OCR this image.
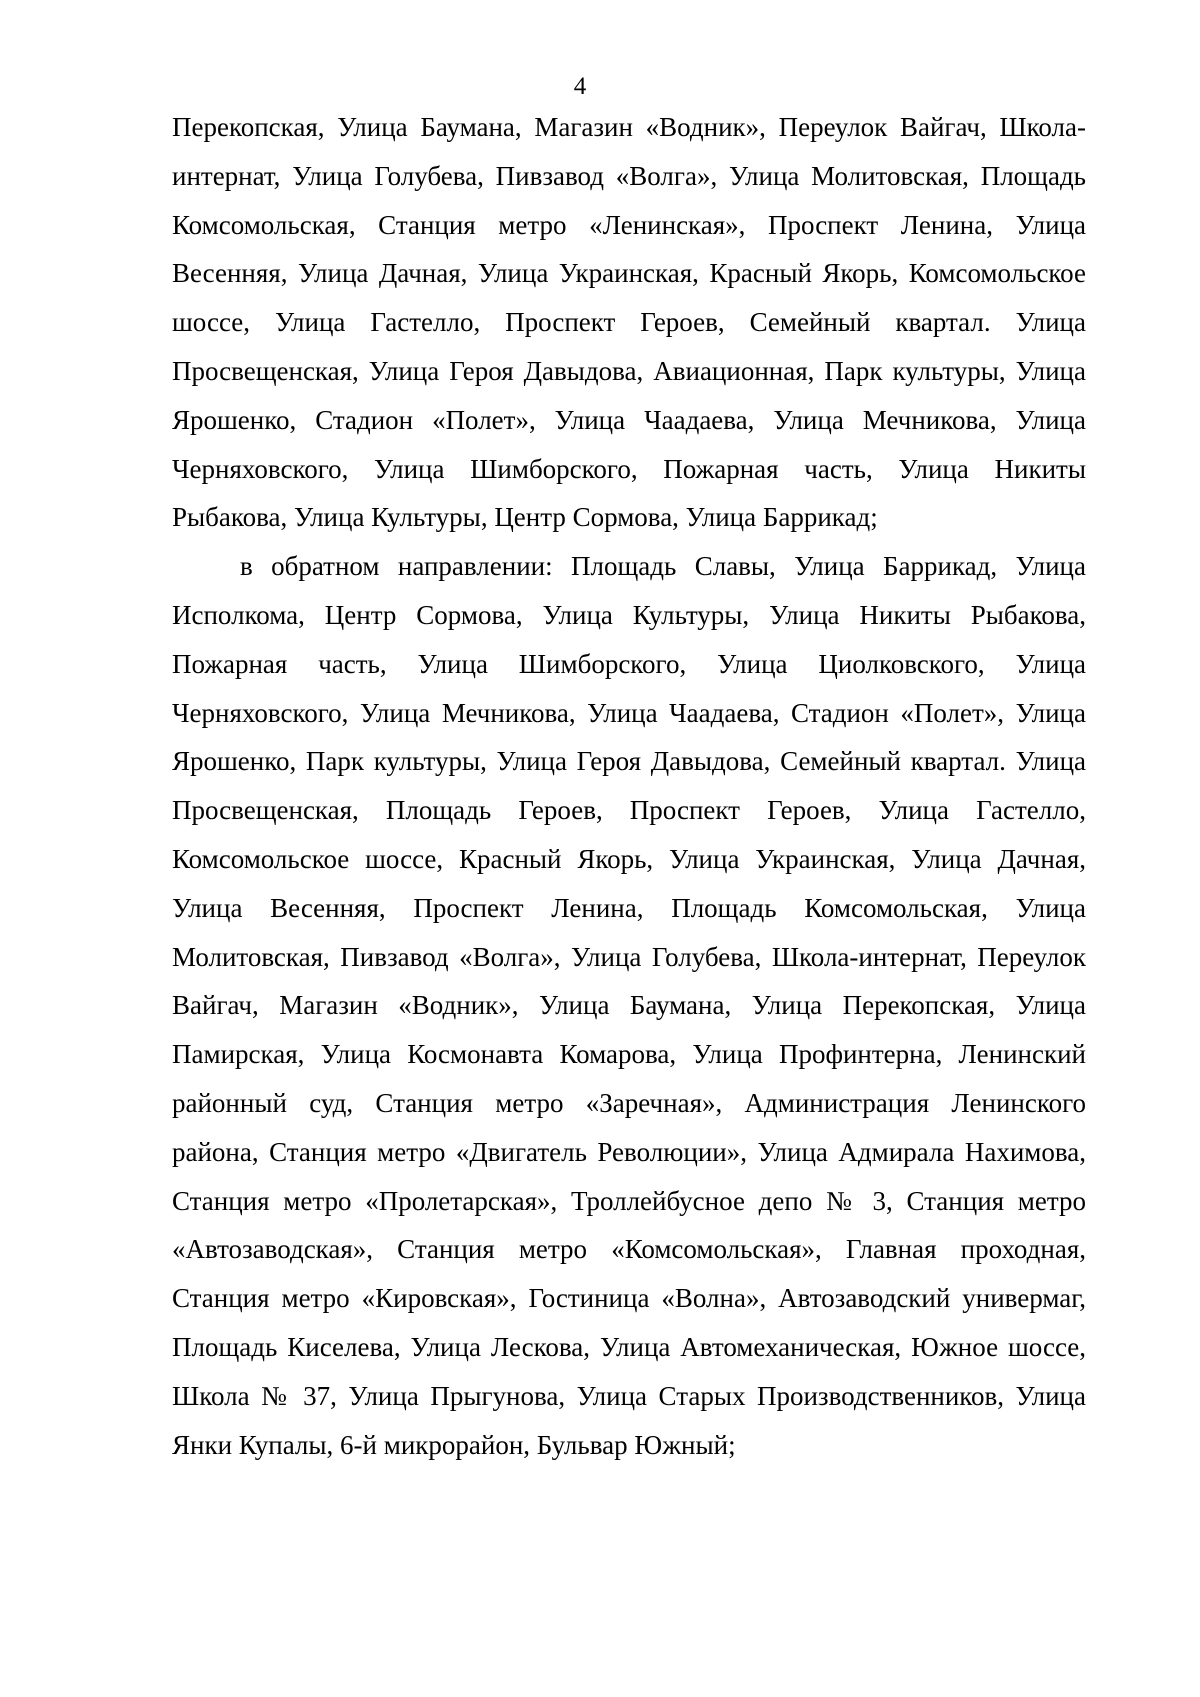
4

Перекопская, Улица Баумана, Магазин «Водник», Переулок Вайгач, Школа-интернат, Улица Голубева, Пивзавод «Волга», Улица Молитовская, Площадь Комсомольская, Станция метро «Ленинская», Проспект Ленина, Улица Весенняя, Улица Дачная, Улица Украинская, Красный Якорь, Комсомольское шоссе, Улица Гастелло, Проспект Героев, Семейный квартал. Улица Просвещенская, Улица Героя Давыдова, Авиационная, Парк культуры, Улица Ярошенко, Стадион «Полет», Улица Чаадаева, Улица Мечникова, Улица Черняховского, Улица Шимборского, Пожарная часть, Улица Никиты Рыбакова, Улица Культуры, Центр Сормова, Улица Баррикад;

в обратном направлении: Площадь Славы, Улица Баррикад, Улица Исполкома, Центр Сормова, Улица Культуры, Улица Никиты Рыбакова, Пожарная часть, Улица Шимборского, Улица Циолковского, Улица Черняховского, Улица Мечникова, Улица Чаадаева, Стадион «Полет», Улица Ярошенко, Парк культуры, Улица Героя Давыдова, Семейный квартал. Улица Просвещенская, Площадь Героев, Проспект Героев, Улица Гастелло, Комсомольское шоссе, Красный Якорь, Улица Украинская, Улица Дачная, Улица Весенняя, Проспект Ленина, Площадь Комсомольская, Улица Молитовская, Пивзавод «Волга», Улица Голубева, Школа-интернат, Переулок Вайгач, Магазин «Водник», Улица Баумана, Улица Перекопская, Улица Памирская, Улица Космонавта Комарова, Улица Профинтерна, Ленинский районный суд, Станция метро «Заречная», Администрация Ленинского района, Станция метро «Двигатель Революции», Улица Адмирала Нахимова, Станция метро «Пролетарская», Троллейбусное депо № 3, Станция метро «Автозаводская», Станция метро «Комсомольская», Главная проходная, Станция метро «Кировская», Гостиница «Волна», Автозаводский универмаг, Площадь Киселева, Улица Лескова, Улица Автомеханическая, Южное шоссе, Школа № 37, Улица Прыгунова, Улица Старых Производственников, Улица Янки Купалы, 6-й микрорайон, Бульвар Южный;
